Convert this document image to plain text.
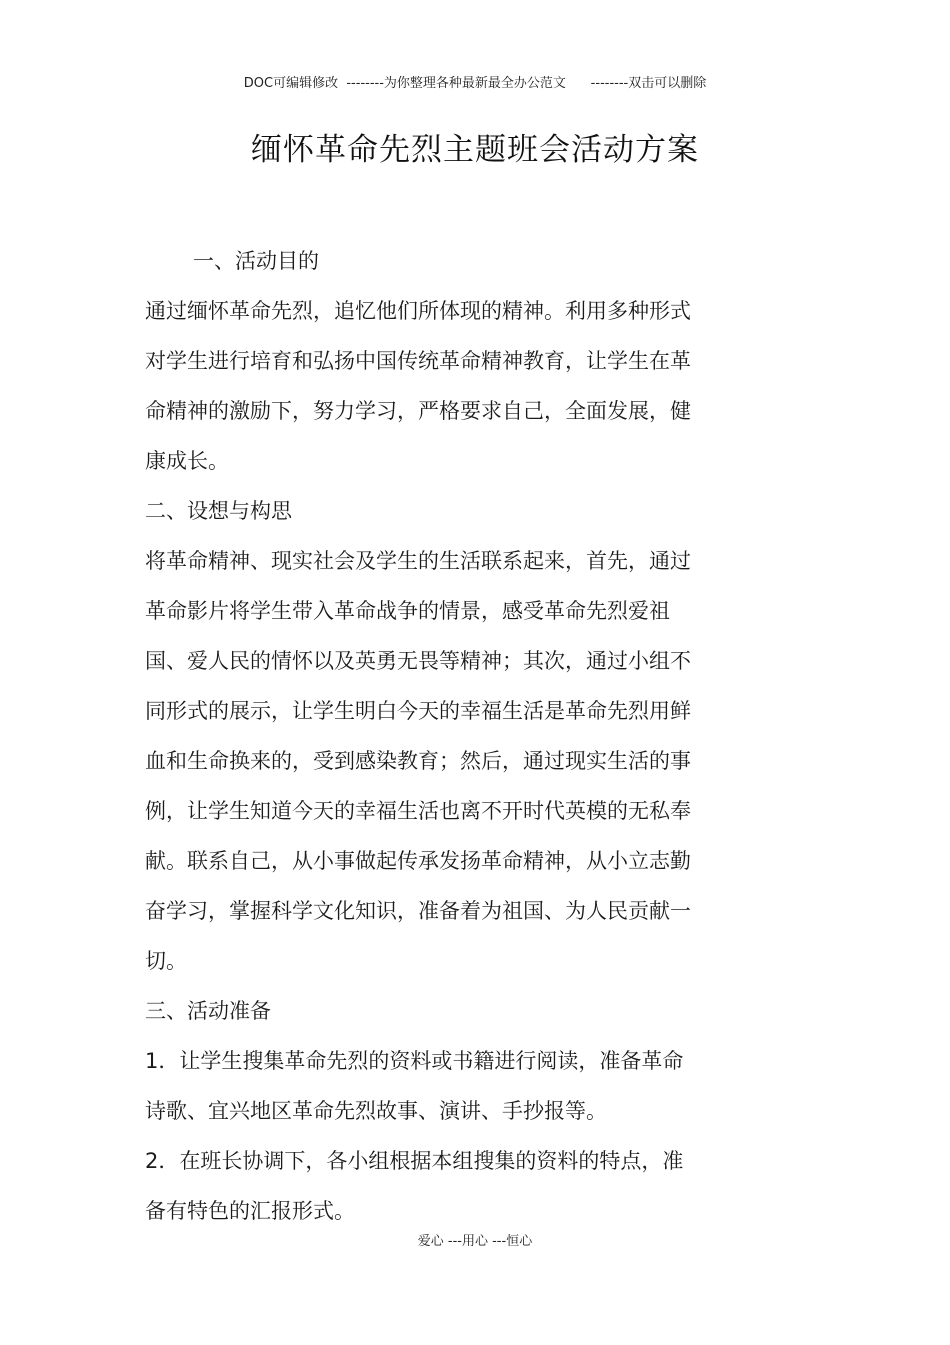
DOC可编辑修改  --------为你整理各种最新最全办公范文      --------双击可以删除
缅怀革命先烈主题班会活动方案
一、活动目的
通过缅怀革命先烈，追忆他们所体现的精神。利用多种形式
对学生进行培育和弘扬中国传统革命精神教育，让学生在革
命精神的激励下，努力学习，严格要求自己，全面发展，健
康成长。
二、设想与构思
将革命精神、现实社会及学生的生活联系起来，首先，通过
革命影片将学生带入革命战争的情景，感受革命先烈爱祖
国、爱人民的情怀以及英勇无畏等精神；其次，通过小组不
同形式的展示，让学生明白今天的幸福生活是革命先烈用鲜
血和生命换来的，受到感染教育；然后，通过现实生活的事
例，让学生知道今天的幸福生活也离不开时代英模的无私奉
献。联系自己，从小事做起传承发扬革命精神，从小立志勤
奋学习，掌握科学文化知识，准备着为祖国、为人民贡献一
切。
三、活动准备
1．让学生搜集革命先烈的资料或书籍进行阅读，准备革命
诗歌、宜兴地区革命先烈故事、演讲、手抄报等。
2．在班长协调下，各小组根据本组搜集的资料的特点，准
备有特色的汇报形式。
爱心 ---用心 ---恒心
